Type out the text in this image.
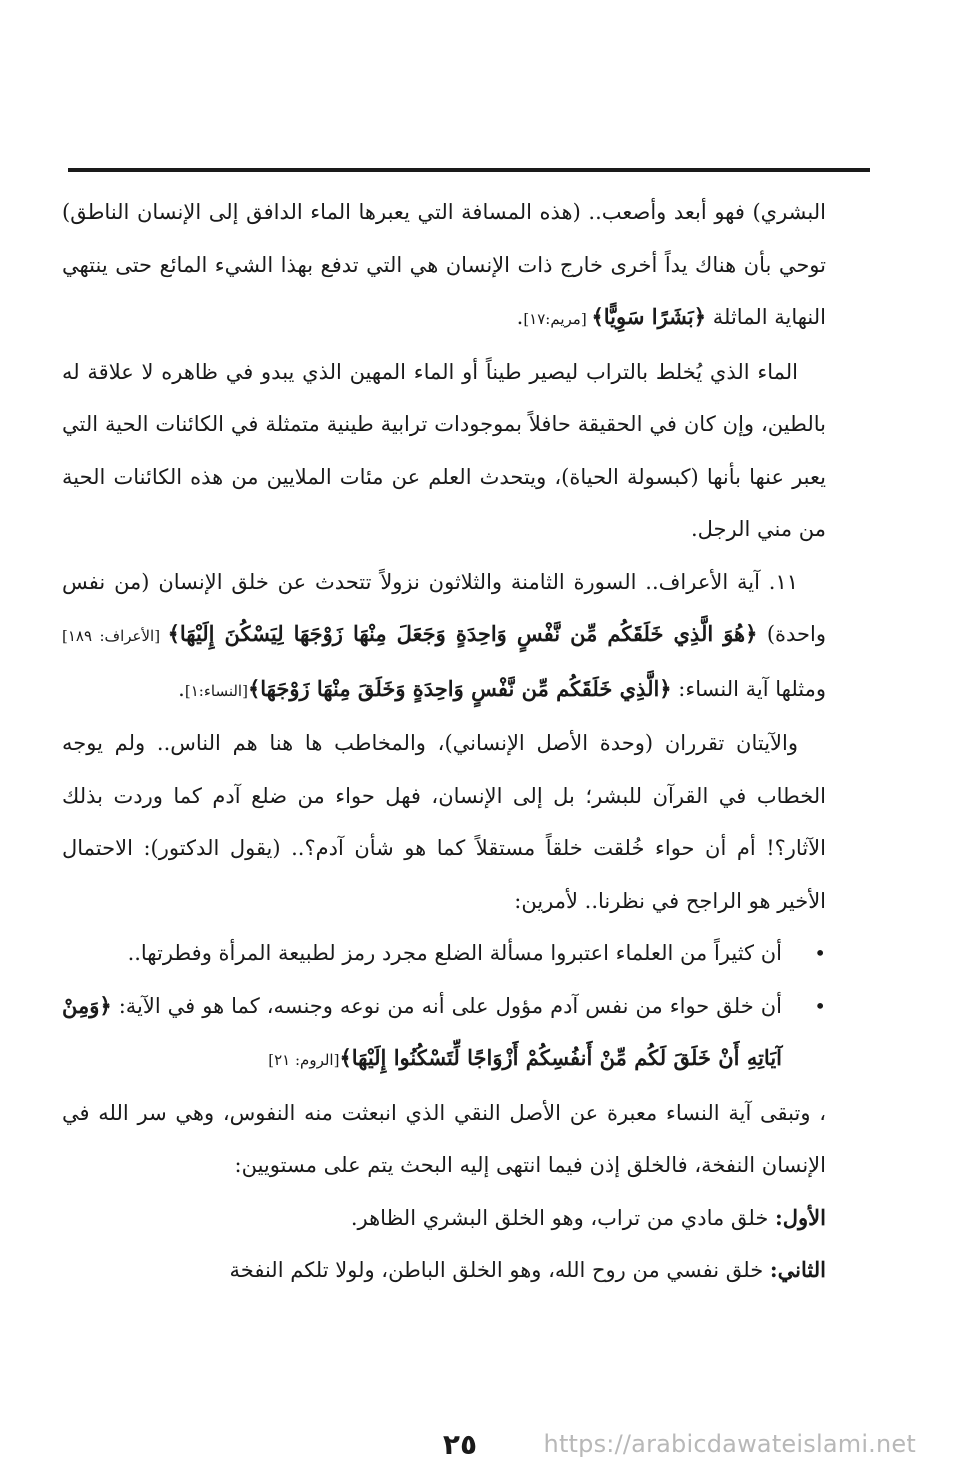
البشري) فهو أبعد وأصعب.. (هذه المسافة التي يعبرها الماء الدافق إلى الإنسان الناطق) توحي بأن هناك يداً أخرى خارج ذات الإنسان هي التي تدفع بهذا الشيء المائع حتى ينتهي النهاية الماثلة ﴿بَشَرًا سَوِيًّا﴾ [مريم:١٧].

الماء الذي يُخلط بالتراب ليصير طيناً أو الماء المهين الذي يبدو في ظاهره لا علاقة له بالطين، وإن كان في الحقيقة حافلاً بموجودات ترابية طينية متمثلة في الكائنات الحية التي يعبر عنها بأنها (كبسولة الحياة)، ويتحدث العلم عن مئات الملايين من هذه الكائنات الحية من مني الرجل.

١١. آية الأعراف.. السورة الثامنة والثلاثون نزولاً تتحدث عن خلق الإنسان (من نفس واحدة) ﴿هُوَ الَّذِي خَلَقَكُم مِّن نَّفْسٍ وَاحِدَةٍ وَجَعَلَ مِنْهَا زَوْجَهَا لِيَسْكُنَ إِلَيْهَا﴾ [الأعراف: ١٨٩] ومثلها آية النساء: ﴿الَّذِي خَلَقَكُم مِّن نَّفْسٍ وَاحِدَةٍ وَخَلَقَ مِنْهَا زَوْجَهَا﴾[النساء:١].

والآيتان تقرران (وحدة الأصل الإنساني)، والمخاطب ها هنا هم الناس.. ولم يوجه الخطاب في القرآن للبشر؛ بل إلى الإنسان، فهل حواء من ضلع آدم كما وردت بذلك الآثار؟! أم أن حواء خُلقت خلقاً مستقلاً كما هو شأن آدم؟.. (يقول الدكتور): الاحتمال الأخير هو الراجح في نظرنا.. لأمرين:

•
أن كثيراً من العلماء اعتبروا مسألة الضلع مجرد رمز لطبيعة المرأة وفطرتها..
•
أن خلق حواء من نفس آدم مؤول على أنه من نوعه وجنسه، كما هو في الآية: ﴿وَمِنْ آيَاتِهِ أَنْ خَلَقَ لَكُم مِّنْ أَنفُسِكُمْ أَزْوَاجًا لِّتَسْكُنُوا إِلَيْهَا﴾[الروم: ٢١]

، وتبقى آية النساء معبرة عن الأصل النقي الذي انبعثت منه النفوس، وهي سر الله في الإنسان النفخة، فالخلق إذن فيما انتهى إليه البحث يتم على مستويين:

الأول: خلق مادي من تراب، وهو الخلق البشري الظاهر.

الثاني: خلق نفسي من روح الله، وهو الخلق الباطن، ولولا تلكم النفخة

٢٥	https://arabicdawateislami.net
